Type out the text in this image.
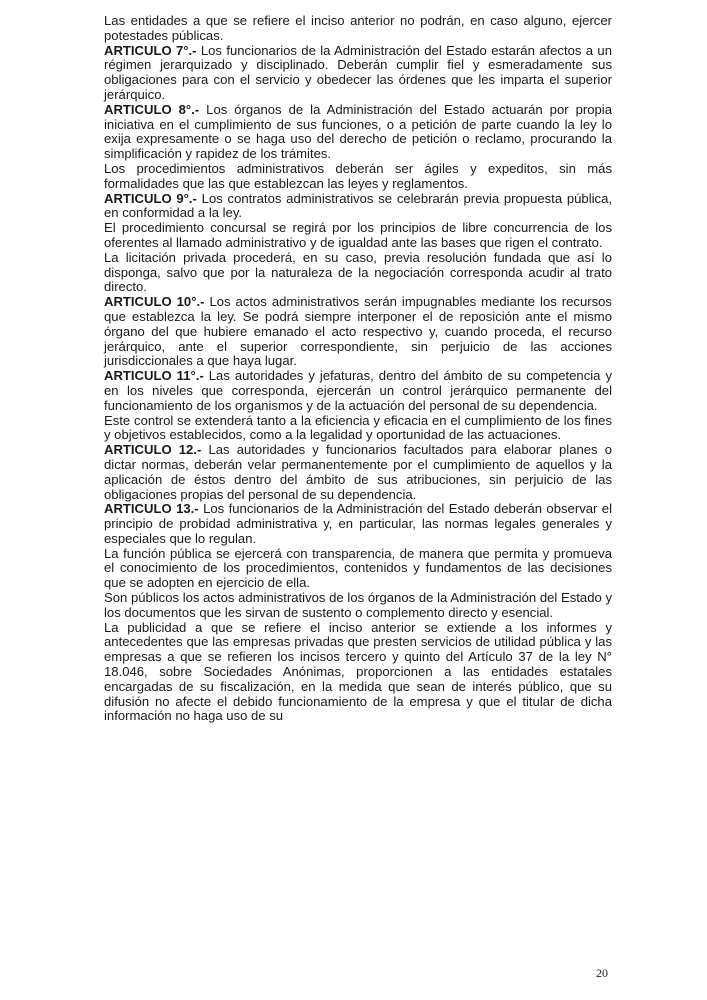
Las entidades a que se refiere el inciso anterior no podrán, en caso alguno, ejercer potestades públicas.

ARTICULO 7°.- Los funcionarios de la Administración del Estado estarán afectos a un régimen jerarquizado y disciplinado. Deberán cumplir fiel y esmeradamente sus obligaciones para con el servicio y obedecer las órdenes que les imparta el superior jerárquico.

ARTICULO 8°.- Los órganos de la Administración del Estado actuarán por propia iniciativa en el cumplimiento de sus funciones, o a petición de parte cuando la ley lo exija expresamente o se haga uso del derecho de petición o reclamo, procurando la simplificación y rapidez de los trámites.

Los procedimientos administrativos deberán ser ágiles y expeditos, sin más formalidades que las que establezcan las leyes y reglamentos.

ARTICULO 9°.- Los contratos administrativos se celebrarán previa propuesta pública, en conformidad a la ley.

El procedimiento concursal se regirá por los principios de libre concurrencia de los oferentes al llamado administrativo y de igualdad ante las bases que rigen el contrato.

La licitación privada procederá, en su caso, previa resolución fundada que así lo disponga, salvo que por la naturaleza de la negociación corresponda acudir al trato directo.

ARTICULO 10°.- Los actos administrativos serán impugnables mediante los recursos que establezca la ley. Se podrá siempre interponer el de reposición ante el mismo órgano del que hubiere emanado el acto respectivo y, cuando proceda, el recurso jerárquico, ante el superior correspondiente, sin perjuicio de las acciones jurisdiccionales a que haya lugar.

ARTICULO 11°.- Las autoridades y jefaturas, dentro del ámbito de su competencia y en los niveles que corresponda, ejercerán un control jerárquico permanente del funcionamiento de los organismos y de la actuación del personal de su dependencia.

Este control se extenderá tanto a la eficiencia y eficacia en el cumplimiento de los fines y objetivos establecidos, como a la legalidad y oportunidad de las actuaciones.

ARTICULO 12.- Las autoridades y funcionarios facultados para elaborar planes o dictar normas, deberán velar permanentemente por el cumplimiento de aquellos y la aplicación de éstos dentro del ámbito de sus atribuciones, sin perjuicio de las obligaciones propias del personal de su dependencia.

ARTICULO 13.- Los funcionarios de la Administración del Estado deberán observar el principio de probidad administrativa y, en particular, las normas legales generales y especiales que lo regulan.

La función pública se ejercerá con transparencia, de manera que permita y promueva el conocimiento de los procedimientos, contenidos y fundamentos de las decisiones que se adopten en ejercicio de ella.

Son públicos los actos administrativos de los órganos de la Administración del Estado y los documentos que les sirvan de sustento o complemento directo y esencial.

La publicidad a que se refiere el inciso anterior se extiende a los informes y antecedentes que las empresas privadas que presten servicios de utilidad pública y las empresas a que se refieren los incisos tercero y quinto del Artículo 37 de la ley N° 18.046, sobre Sociedades Anónimas, proporcionen a las entidades estatales encargadas de su fiscalización, en la medida que sean de interés público, que su difusión no afecte el debido funcionamiento de la empresa y que el titular de dicha información no haga uso de su

20
